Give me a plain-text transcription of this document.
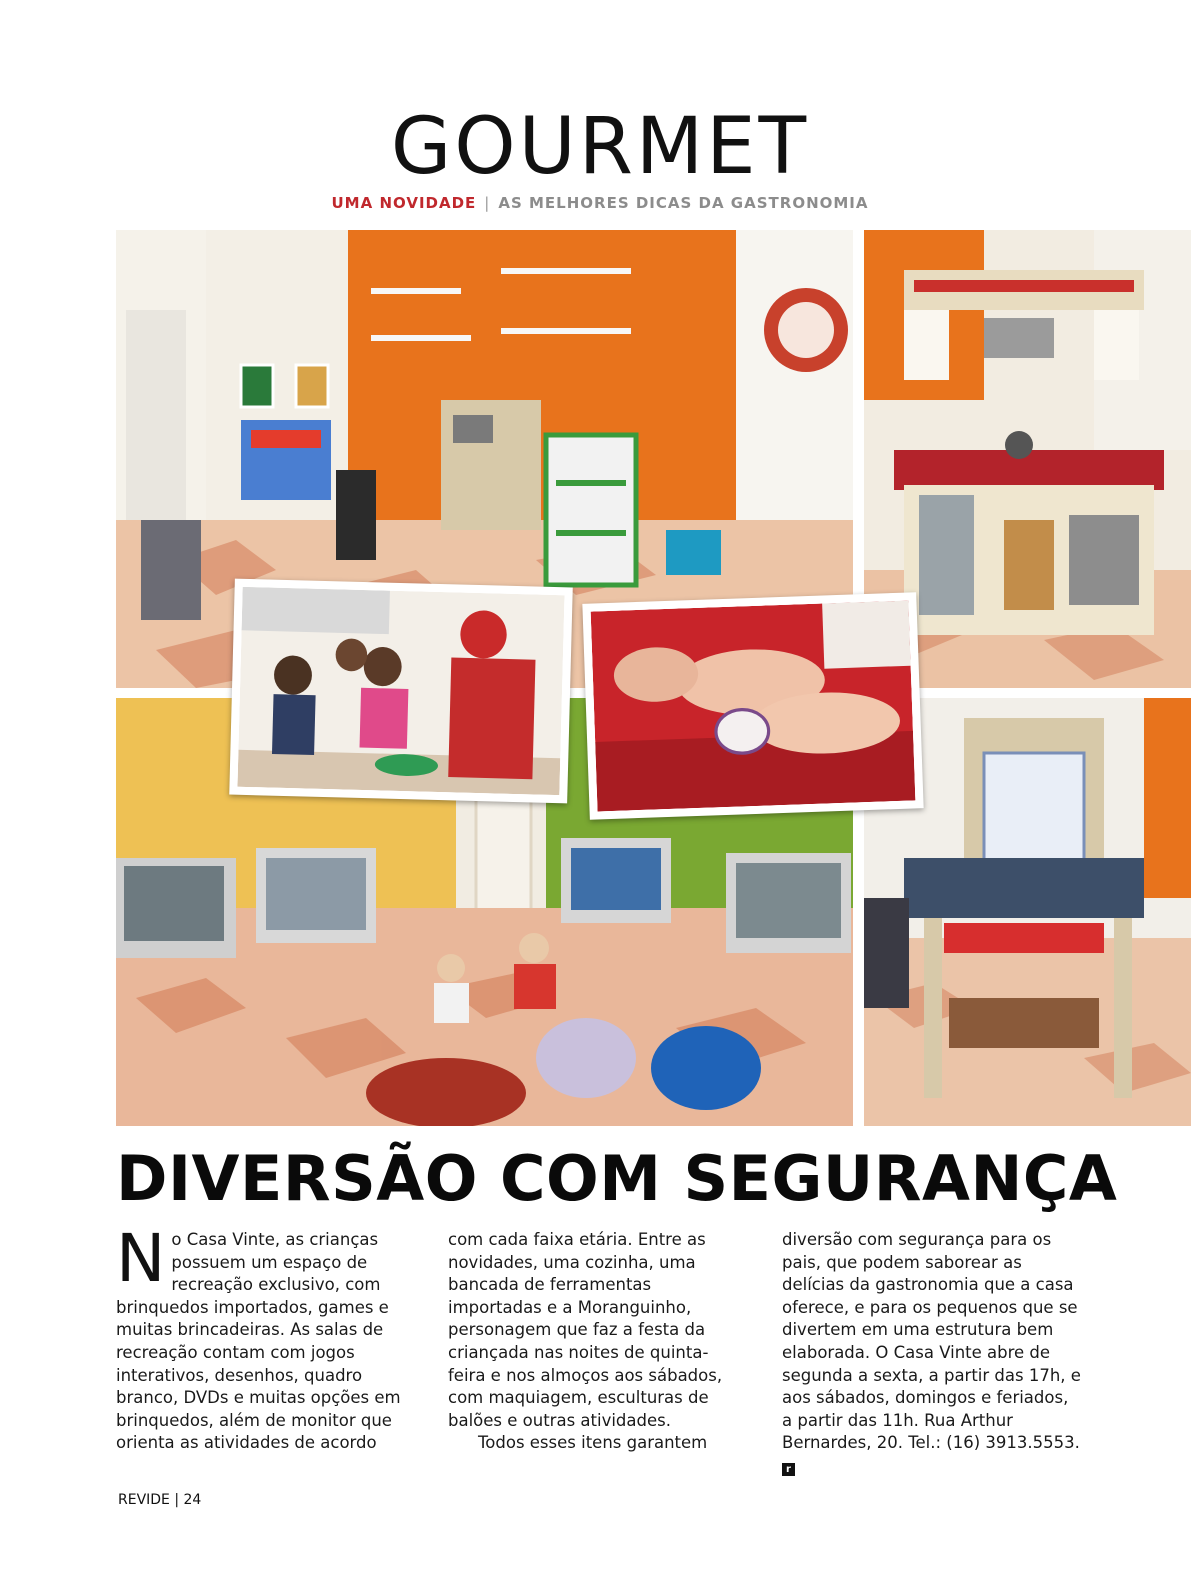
GOURMET
UMA NOVIDADE | AS MELHORES DICAS DA GASTRONOMIA
DIVERSÃO COM SEGURANÇA

No Casa Vinte, as crianças possuem um espaço de recreação exclusivo, com brinquedos importados, games e muitas brincadeiras. As salas de recreação contam com jogos interativos, desenhos, quadro branco, DVDs e muitas opções em brinquedos, além de monitor que orienta as atividades de acordo

com cada faixa etária. Entre as novidades, uma cozinha, uma bancada de ferramentas importadas e a Moranguinho, personagem que faz a festa da criançada nas noites de quinta-feira e nos almoços aos sábados, com maquiagem, esculturas de balões e outras atividades.

Todos esses itens garantem

diversão com segurança para os pais, que podem saborear as delícias da gastronomia que a casa oferece, e para os pequenos que se divertem em uma estrutura bem elaborada. O Casa Vinte abre de segunda a sexta, a partir das 17h, e aos sábados, domingos e feriados, a partir das 11h. Rua Arthur Bernardes, 20. Tel.: (16) 3913.5553. r

REVIDE | 24
